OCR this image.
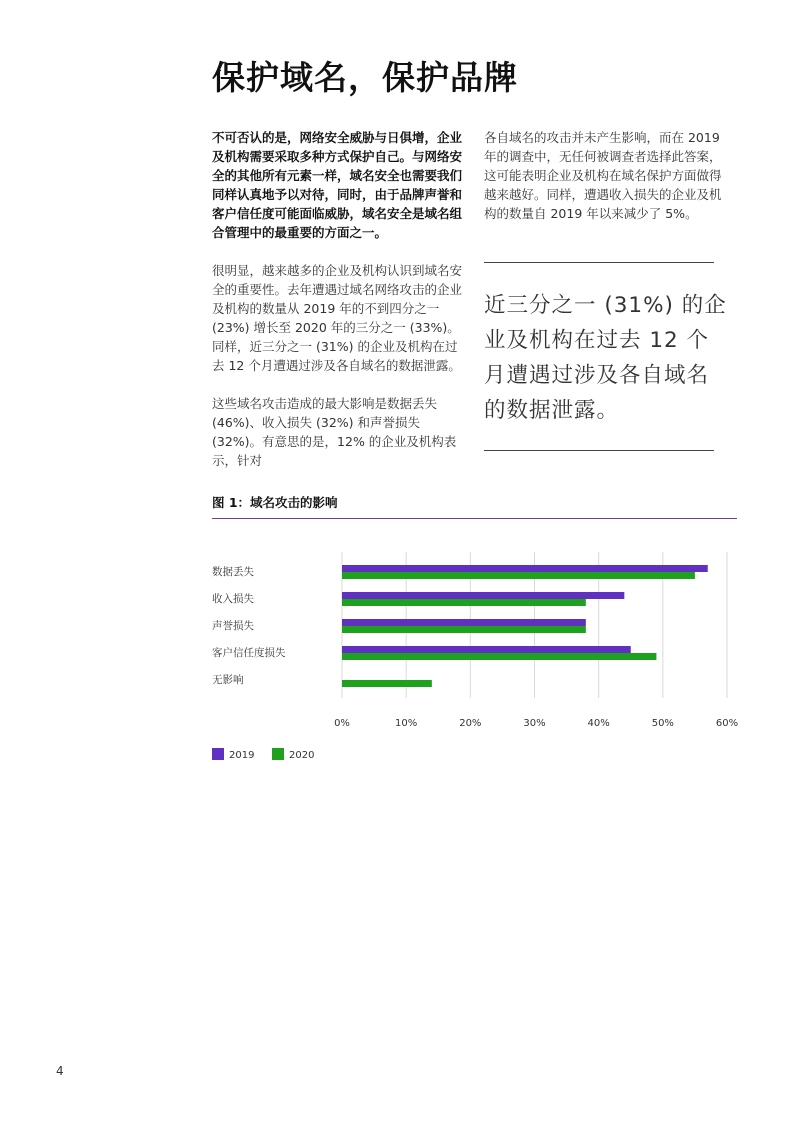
保护域名，保护品牌

不可否认的是，网络安全威胁与日俱增，企业及机构需要采取多种方式保护自己。与网络安全的其他所有元素一样，域名安全也需要我们同样认真地予以对待，同时，由于品牌声誉和客户信任度可能面临威胁，域名安全是域名组合管理中的最重要的方面之一。

很明显，越来越多的企业及机构认识到域名安全的重要性。去年遭遇过域名网络攻击的企业及机构的数量从 2019 年的不到四分之一 (23%) 增长至 2020 年的三分之一 (33%)。同样，近三分之一 (31%) 的企业及机构在过去 12 个月遭遇过涉及各自域名的数据泄露。

这些域名攻击造成的最大影响是数据丢失 (46%)、收入损失 (32%) 和声誉损失 (32%)。有意思的是，12% 的企业及机构表示，针对

各自域名的攻击并未产生影响，而在 2019 年的调查中，无任何被调查者选择此答案，这可能表明企业及机构在域名保护方面做得越来越好。同样，遭遇收入损失的企业及机构的数量自 2019 年以来减少了 5%。

近三分之一 (31%) 的企业及机构在过去 12 个月遭遇过涉及各自域名的数据泄露。
图 1：域名攻击的影响
0%	10%	20%	30%	40%	50%	60%
数据丢失
收入损失
声誉损失
客户信任度损失
无影响
2019	2020
4
